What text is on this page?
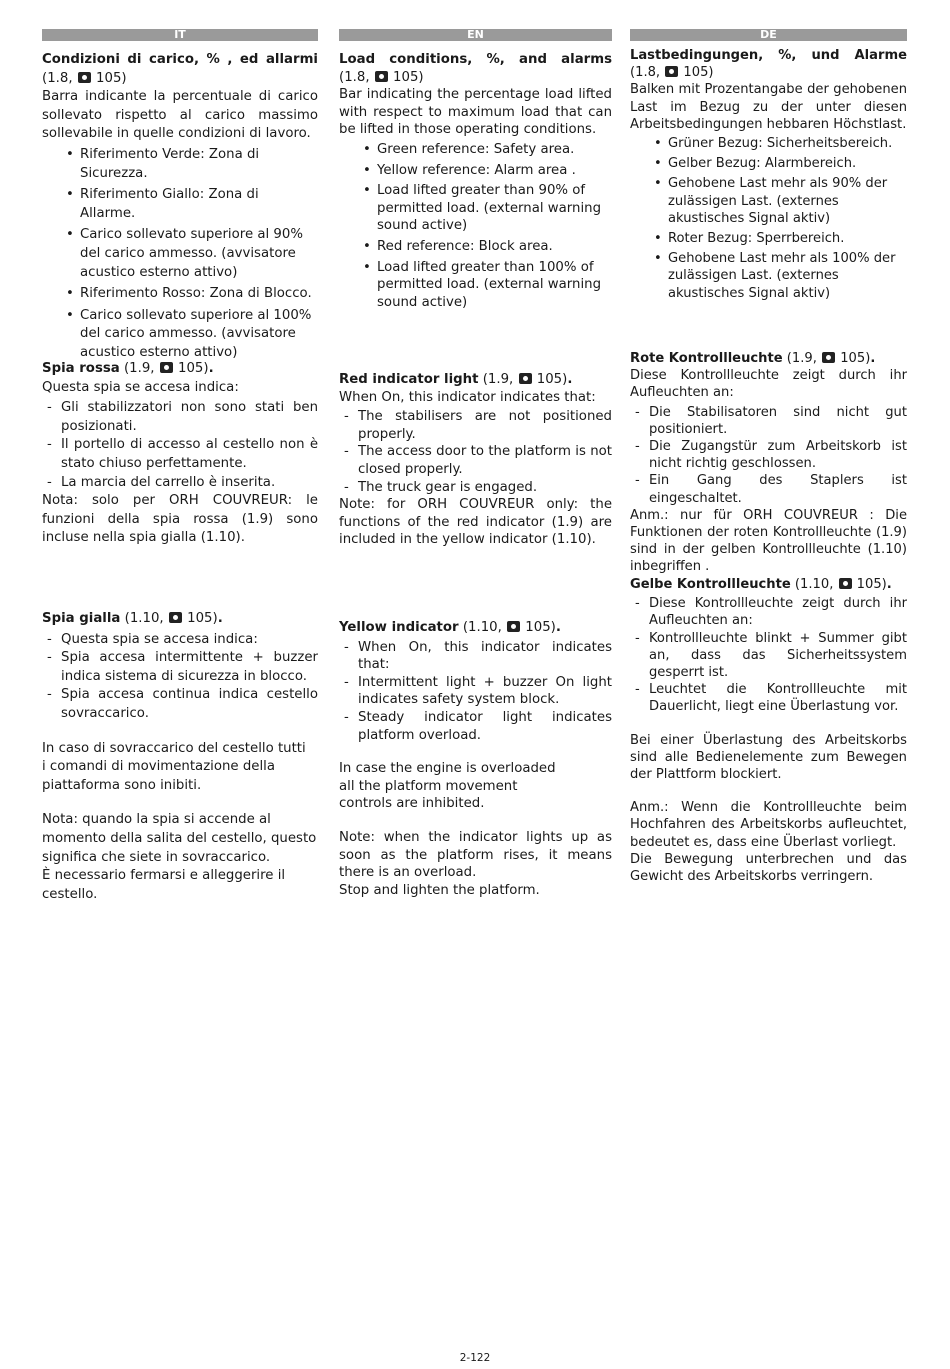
IT

Condizioni di carico, % , ed allarmi

(1.8,  105)

Barra indicante la percentuale di carico sollevato rispetto al carico massimo sollevabile in quelle condizioni di lavoro.

• Riferimento Verde: Zona di Sicurezza.
• Riferimento Giallo: Zona di Allarme.
• Carico sollevato superiore al 90% del carico ammesso. (avvisatore acustico esterno attivo)
• Riferimento Rosso: Zona di Blocco.
• Carico sollevato superiore al 100% del carico ammesso. (avvisatore acustico esterno attivo)

Spia rossa (1.9,  105).

Questa spia se accesa indica:

- Gli stabilizzatori non sono stati ben posizionati.
- Il portello di accesso al cestello non è stato chiuso perfettamente.
- La marcia del carrello è inserita.

Nota: solo per ORH COUVREUR: le funzioni della spia rossa (1.9) sono incluse nella spia gialla (1.10).

Spia gialla (1.10,  105).

- Questa spia se accesa indica:
- Spia accesa intermittente + buzzer indica sistema di sicurezza in blocco.
- Spia accesa continua indica cestello sovraccarico.

In caso di sovraccarico del cestello tutti

i comandi di movimentazione della

piattaforma sono inibiti.

Nota: quando la spia si accende al

momento della salita del cestello, questo

significa che siete in sovraccarico.

È necessario fermarsi e alleggerire il

cestello.

EN

Load conditions, %, and alarms

(1.8,  105)

Bar indicating the percentage load lifted with respect to maximum load that can be lifted in those operating conditions.

• Green reference: Safety area.
• Yellow reference: Alarm area .
• Load lifted greater than 90% of permitted load. (external warning sound active)
• Red reference: Block area.
• Load lifted greater than 100% of permitted load. (external warning sound active)

Red indicator light (1.9,  105).

When On, this indicator indicates that:

- The stabilisers are not positioned properly.
- The access door to the platform is not closed properly.
- The truck gear is engaged.

Note: for ORH COUVREUR only: the functions of the red indicator (1.9) are included in the yellow indicator (1.10).

Yellow indicator (1.10,  105).

- When On, this indicator indicates that:
- Intermittent light + buzzer On light indicates safety system block.
- Steady indicator light indicates platform overload.

In case the engine is overloaded

all the platform movement

controls are inhibited.

Note: when the indicator lights up as soon as the platform rises, it means there is an overload.

Stop and lighten the platform.

DE

Lastbedingungen, %, und Alarme

(1.8,  105)

Balken mit Prozentangabe der gehobenen Last im Bezug zu der unter diesen Arbeitsbedingungen hebbaren Höchstlast.

• Grüner Bezug: Sicherheitsbereich.
• Gelber Bezug: Alarmbereich.
• Gehobene Last mehr als 90% der zulässigen Last. (externes akustisches Signal aktiv)
• Roter Bezug: Sperrbereich.
• Gehobene Last mehr als 100% der zulässigen Last. (externes akustisches Signal aktiv)

Rote Kontrollleuchte (1.9,  105).

Diese Kontrollleuchte zeigt durch ihr Aufleuchten an:

- Die Stabilisatoren sind nicht gut positioniert.
- Die Zugangstür zum Arbeitskorb ist nicht richtig geschlossen.
- Ein Gang des Staplers ist eingeschaltet.

Anm.: nur für ORH COUVREUR : Die Funktionen der roten Kontrollleuchte (1.9) sind in der gelben Kontrollleuchte (1.10) inbegriffen .

Gelbe Kontrollleuchte (1.10,  105).

- Diese Kontrollleuchte zeigt durch ihr Aufleuchten an:
- Kontrollleuchte blinkt + Summer gibt an, dass das Sicherheitssystem gesperrt ist.
- Leuchtet die Kontrollleuchte mit Dauerlicht, liegt eine Überlastung vor.

Bei einer Überlastung des Arbeitskorbs sind alle Bedienelemente zum Bewegen der Plattform blockiert.

Anm.: Wenn die Kontrollleuchte beim Hochfahren des Arbeitskorbs aufleuchtet, bedeutet es, dass eine Überlast vorliegt.

Die Bewegung unterbrechen und das Gewicht des Arbeitskorbs verringern.

2-122
